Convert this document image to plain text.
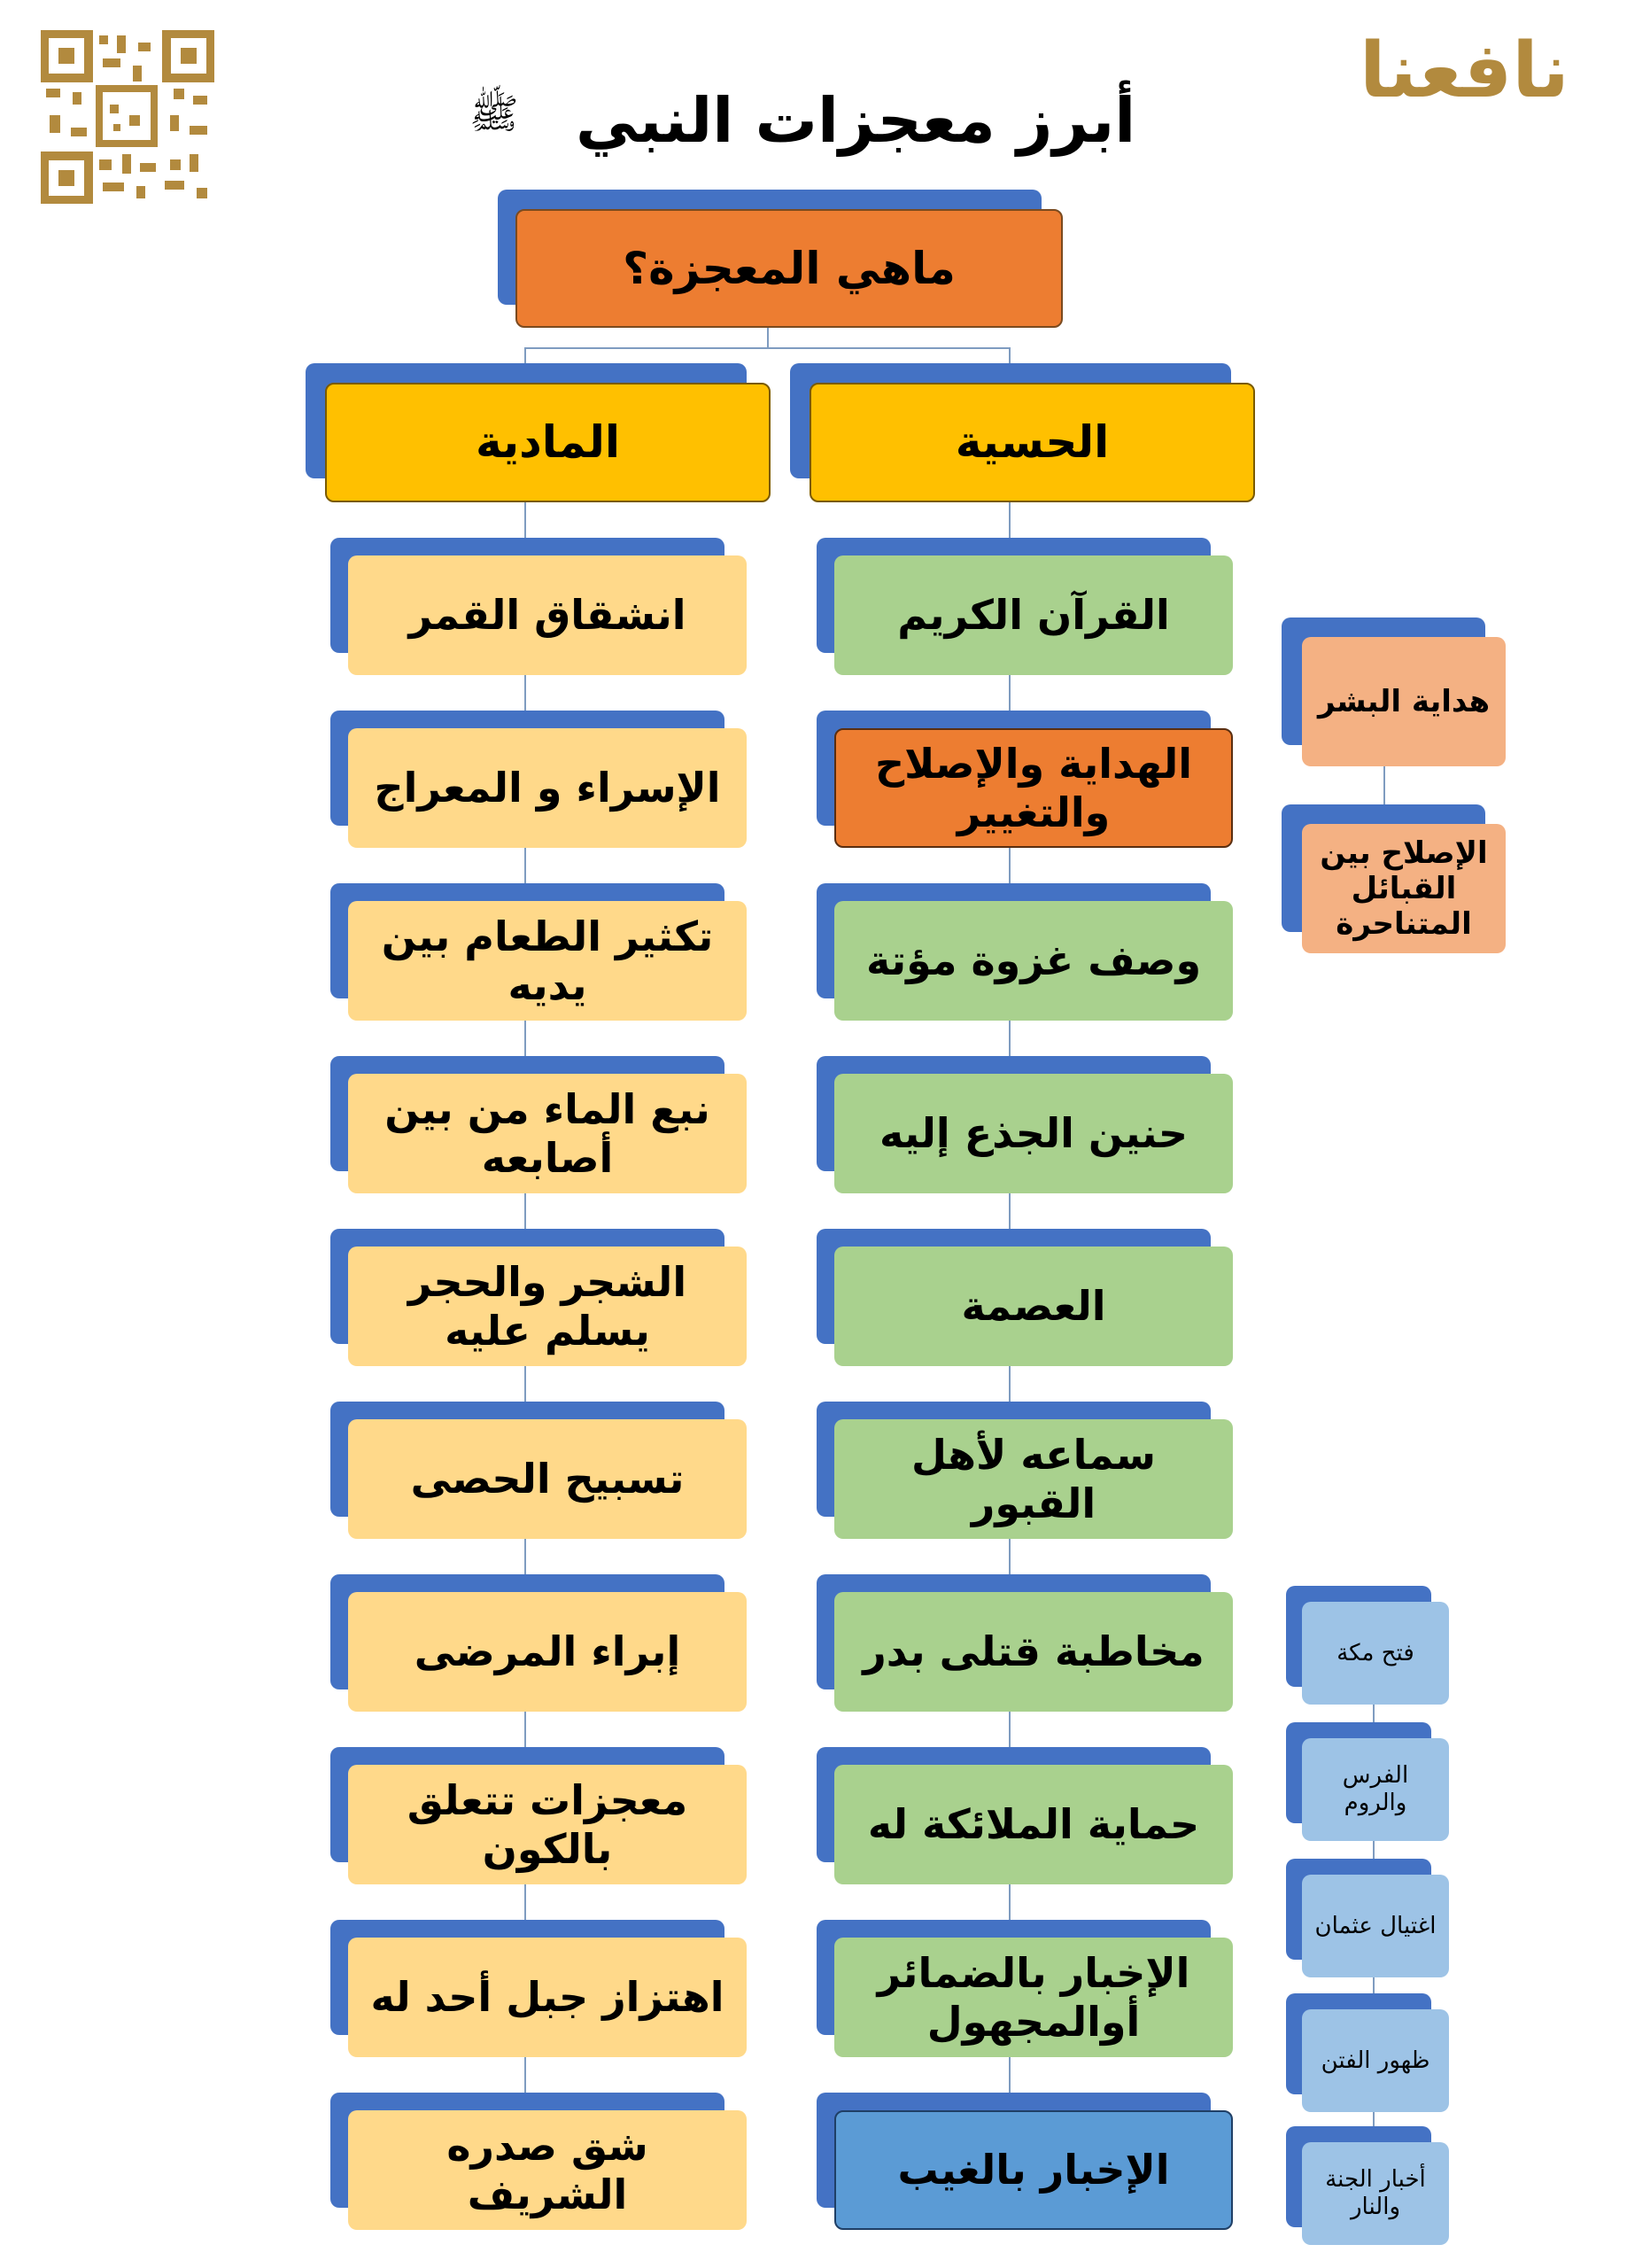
نافعنا
أبرز معجزات النبي
ﷺ
ماهي المعجزة؟
المادية	الحسية
انشقاق القمر
الإسراء و المعراج
تكثير الطعام بين يديه
نبع الماء من بين أصابعه
الشجر والحجر يسلم عليه
تسبيح الحصى
إبراء المرضى
معجزات تتعلق بالكون
اهتزاز جبل أحد له
شق صدره الشريف
القرآن الكريم
الهداية والإصلاح والتغيير
وصف غزوة مؤتة
حنين الجذع إليه
العصمة
سماعه لأهل القبور
مخاطبة قتلى بدر
حماية الملائكة له
الإخبار بالضمائر أوالمجهول
الإخبار بالغيب
هداية البشر
الإصلاح بين القبائل المتناحرة
فتح مكة
الفرس والروم
اغتيال عثمان
ظهور الفتن
أخبار الجنة والنار
